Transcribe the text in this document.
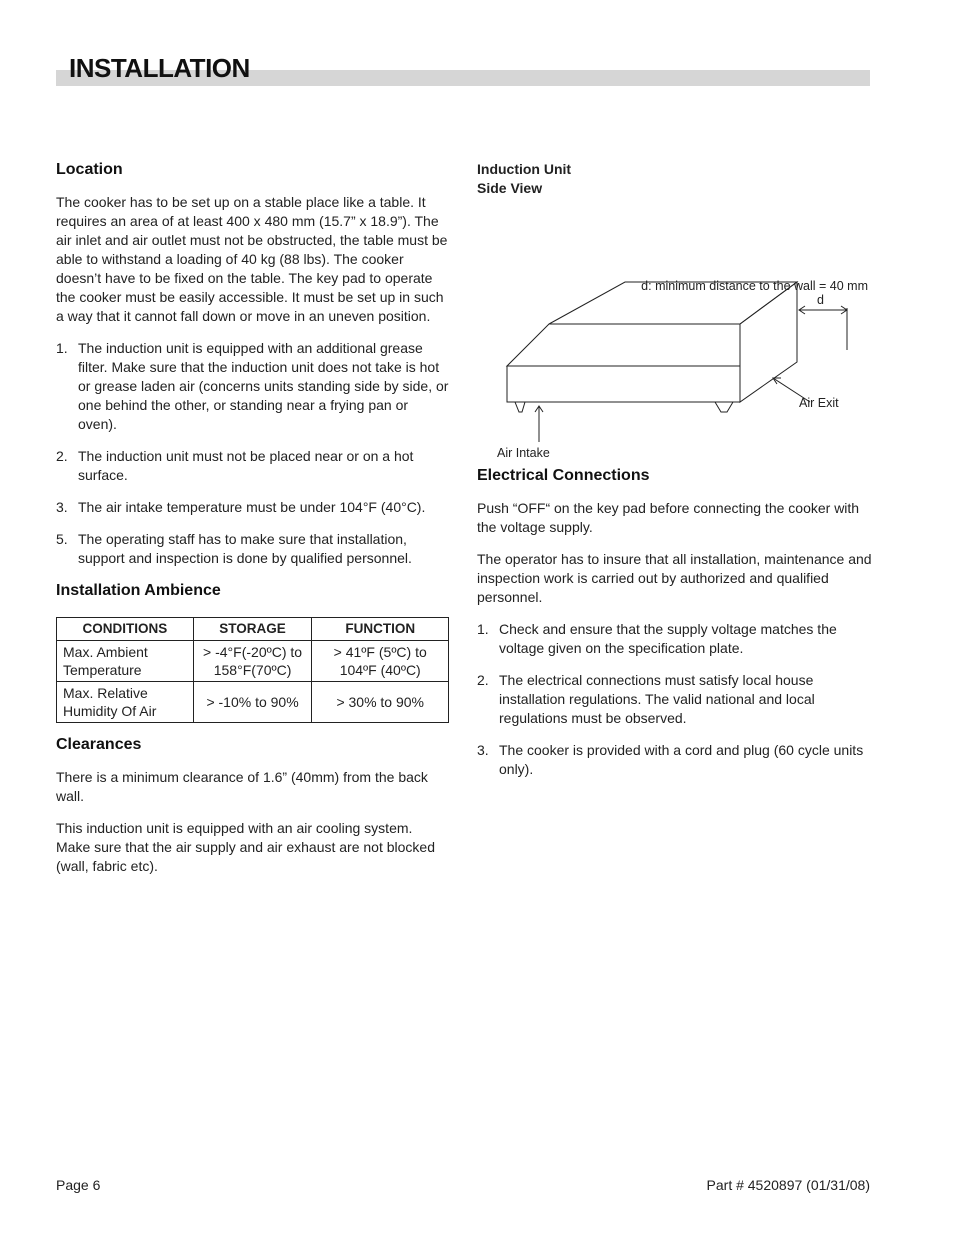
INSTALLATION
Location

The cooker has to be set up on a stable place like a table. It requires an area of at least 400 x 480 mm (15.7” x 18.9”). The air inlet and air outlet must not be obstructed, the table must be able to withstand a loading of 40 kg (88 lbs). The cooker doesn’t have to be fixed on the table. The key pad to operate the cooker must be easily accessible. It must be set up in such a way that it cannot fall down or move in an uneven position.

1. The induction unit is equipped with an additional grease filter. Make sure that the induction unit does not take is hot or grease laden air (concerns units standing side by side, or one behind the other, or standing near a frying pan or oven).
2. The induction unit must not be placed near or on a hot surface.
3. The air intake temperature must be under 104°F (40°C).
5. The operating staff has to make sure that installation, support and inspection is done by qualified personnel.
Installation Ambience
CONDITIONS	STORAGE	FUNCTION
Max. Ambient Temperature	> -4°F(-20ºC) to 158°F(70ºC)	> 41ºF (5ºC) to 104ºF (40ºC)
Max. Relative Humidity Of Air	> -10% to 90%	> 30% to 90%
Clearances

There is a minimum clearance of 1.6” (40mm) from the back wall.

This induction unit is equipped with an air cooling system. Make sure that the air supply and air exhaust are not blocked (wall, fabric etc).

Induction Unit
Side View
d: minimum distance to the wall = 40 mm
d
Air Exit
Air Intake
Electrical Connections

Push “OFF“ on the key pad before connecting the cooker with the voltage supply.

The operator has to insure that all installation, maintenance and inspection work is carried out by authorized and qualified personnel.

1. Check and ensure that the supply voltage matches the voltage given on the specification plate.
2. The electrical connections must satisfy local house installation regulations. The valid national and local regulations must be observed.
3. The cooker is provided with a cord and plug (60 cycle units only).
Page 6	Part # 4520897 (01/31/08)
